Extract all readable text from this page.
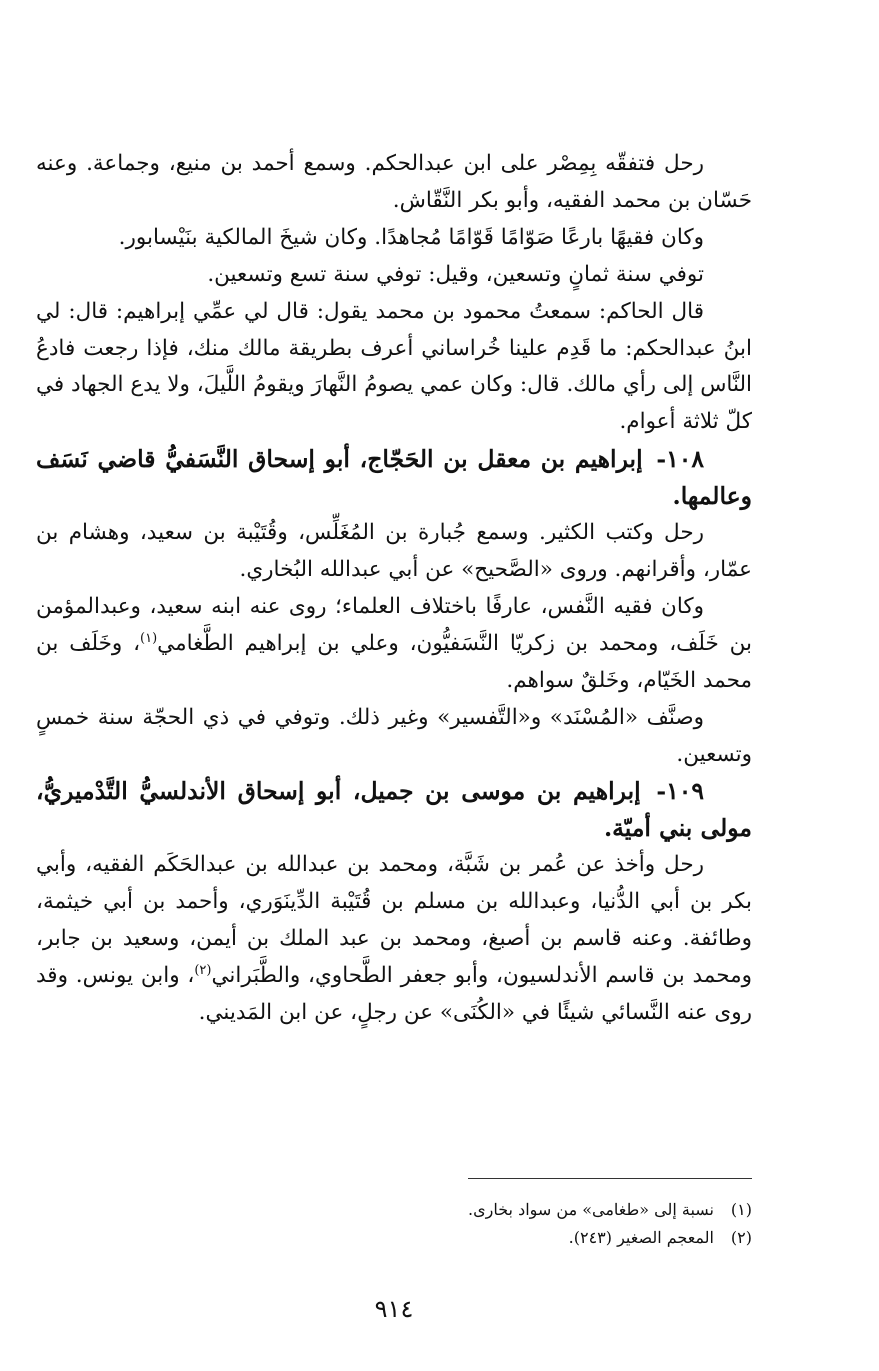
رحل فتفقّه بِمِصْر على ابن عبدالحكم. وسمع أحمد بن منيع، وجماعة. وعنه حَسّان بن محمد الفقيه، وأبو بكر النَّقّاش.

وكان فقيهًا بارعًا صَوّامًا قَوّامًا مُجاهدًا. وكان شيخَ المالكية بنَيْسابور.

توفي سنة ثمانٍ وتسعين، وقيل: توفي سنة تسع وتسعين.

قال الحاكم: سمعتُ محمود بن محمد يقول: قال لي عمِّي إبراهيم: قال: لي ابنُ عبدالحكم: ما قَدِم علينا خُراساني أعرف بطريقة مالك منك، فإذا رجعت فادعُ النَّاس إلى رأي مالك. قال: وكان عمي يصومُ النَّهارَ ويقومُ اللَّيلَ، ولا يدع الجهاد في كلّ ثلاثة أعوام.

١٠٨- إبراهيم بن معقل بن الحَجّاج، أبو إسحاق النَّسَفيُّ قاضي نَسَف وعالمها.

رحل وكتب الكثير. وسمع جُبارة بن المُغَلِّس، وقُتَيْبة بن سعيد، وهشام بن عمّار، وأقرانهم. وروى «الصَّحيح» عن أبي عبدالله البُخاري.

وكان فقيه النَّفس، عارفًا باختلاف العلماء؛ روى عنه ابنه سعيد، وعبدالمؤمن بن خَلَف، ومحمد بن زكريّا النَّسَفيُّون، وعلي بن إبراهيم الطَّغامي$^{(١)}$، وخَلَف بن محمد الخَيّام، وخَلقٌ سواهم.

وصنَّف «المُسْنَد» و«التَّفسير» وغير ذلك. وتوفي في ذي الحجّة سنة خمسٍ وتسعين.

١٠٩- إبراهيم بن موسى بن جميل، أبو إسحاق الأندلسيُّ التَّدْميريُّ، مولى بني أميّة.

رحل وأخذ عن عُمر بن شَبَّة، ومحمد بن عبدالله بن عبدالحَكَم الفقيه، وأبي بكر بن أبي الدُّنيا، وعبدالله بن مسلم بن قُتَيْبة الدِّينَوَري، وأحمد بن أبي خيثمة، وطائفة. وعنه قاسم بن أصبغ، ومحمد بن عبد الملك بن أيمن، وسعيد بن جابر، ومحمد بن قاسم الأندلسيون، وأبو جعفر الطَّحاوي، والطَّبَراني$^{(٢)}$، وابن يونس. وقد روى عنه النَّسائي شيئًا في «الكُنَى» عن رجلٍ، عن ابن المَديني.

(١)نسبة إلى «طغامى» من سواد بخارى.

(٢)المعجم الصغير (٢٤٣).

٩١٤
